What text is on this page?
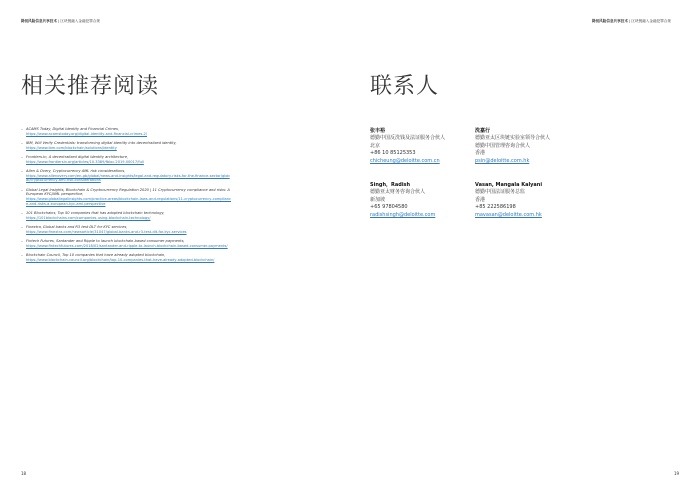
降低风险信息共享技术 | 区块链融入金融犯罪合规	降低风险信息共享技术 | 区块链融入金融犯罪合规
相关推荐阅读	联系人
– ACAMS Today, Digital Identity and Financial Crimes,
https://www.acamstoday.org/digital-identity-and-financial-crimes-2/
– IBM, Will Verify Credentials: transforming digital identity into decentralized identity,
https://www.ibm.com/blockchain/solutions/identity
– Frontiers.In, A decentralized digital identity architecture,
https://www.frontiersin.org/articles/10.3389/fbloc.2019.00017/full
– Allen & Overy, Cryptocurrency AML risk considerations,
https://www.allenovery.com/en-gb/global/news-and-insights/legal-and-regulatory-risks-for-the-finance-sector/global/cryptocurrency-aml-risk-considerations
– Global Legal Insights, Blockchain & Cryptocurrency Regulation 2020 | 11 Cryptocurrency compliance and risks: A European KYC/AML perspective,
https://www.globallegalinsights.com/practice-areas/blockchain-laws-and-regulations/11-cryptocurrency-compliance-and-risks-a-european-kyc-aml-perspective
– 101 Blockchains, Top 50 companies that has adopted blockchain technology,
https://101blockchains.com/companies-using-blockchain-technology/
– Finextra, Global banks and R3 test DLT for KYC services,
https://www.finextra.com/newsarticle/31047/global-banks-and-r3-test-dlt-for-kyc-services
– Fintech Futures, Santander and Ripple to launch blockchain-based consumer payments,
https://www.fintechfutures.com/2018/02/santander-and-ripple-to-launch-blockchain-based-consumer-payments/
– Blockchain Council, Top 10 companies that have already adopted blockchain,
https://www.blockchain-council.org/blockchain/top-10-companies-that-have-already-adopted-blockchain/
张丰裕
德勤中国反洗钱及法证服务合伙人
北京
+86 10 85125353
chicheung@deloitte.com.cn
洗嘉行
德勤亚太区块链实验室领导合伙人
德勤中国管理咨询合伙人
香港
psin@deloitte.com.hk
Singh，Radish
德勤亚太财务咨询合伙人
新加坡
+65 97804580
radishsingh@deloitte.com
Vasan, Mangala Kalyani
德勤中国法证服务总监
香港
+85 222586198
mavasan@deloitte.com.hk
18	19
